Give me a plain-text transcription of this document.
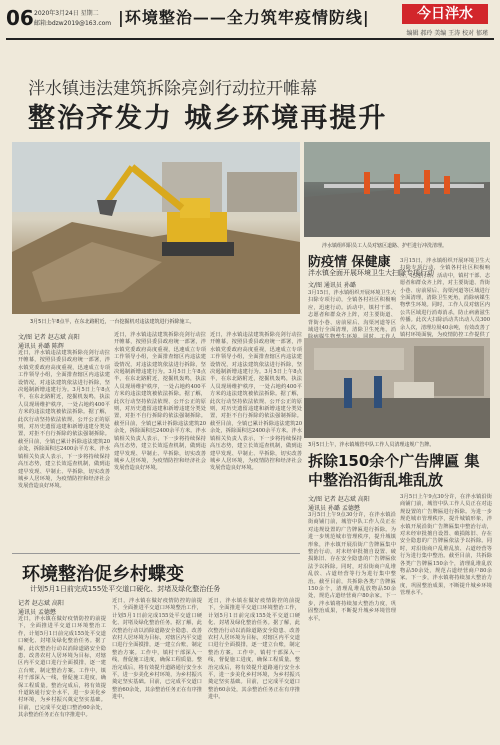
06 2020年3月24日 星期二
邮箱:bdzw2019@163.com |环境整治——全力筑牢疫情防线|	今日泮水
编辑 郝玲 美编 王涛 校对 郁瑾
泮水镇违法建筑拆除亮剑行动拉开帷幕
整治齐发力 城乡环境再提升
3月5日上午8点半，在东北路附近，一台挖掘机对违法建筑进行拆除施工。
泮水镇组织职员工人员对辖区道路、护栏进行冲洗清理。
文/图 记者 赵志斌 高阳
通讯员 孙璐 陈辉
近日，泮水镇违法建筑拆除亮剑行动拉开帷幕，按照县委县政府统一部署，泮水镇党委政府高度重视，迅速成立专项工作领导小组，全面排查辖区内违法建设情况，对违法建筑依法进行拆除，坚决遏制新增违建行为。3月5日上午8点半，在东北路附近，挖掘机轰鸣，执法人员现场维护秩序，一处占地约400平方米的违法建筑被依法拆除。据了解，此次行动坚持依法依规、公开公正的原则，对历史遗留违建和新增违建分类处置，对拒不自行拆除的依法强制拆除。截至目前，全镇已累计拆除违法建筑20余处，拆除面积达2400余平方米。泮水镇相关负责人表示，下一步将持续保持高压态势，建立长效巡查机制，做到违建早发现、早制止、早拆除，切实改善城乡人居环境，为疫情防控和经济社会发展营造良好环境。
近日，泮水镇违法建筑拆除亮剑行动拉开帷幕，按照县委县政府统一部署，泮水镇党委政府高度重视，迅速成立专项工作领导小组，全面排查辖区内违法建设情况，对违法建筑依法进行拆除，坚决遏制新增违建行为。3月5日上午8点半，在东北路附近，挖掘机轰鸣，执法人员现场维护秩序，一处占地约400平方米的违法建筑被依法拆除。据了解，此次行动坚持依法依规、公开公正的原则，对历史遗留违建和新增违建分类处置，对拒不自行拆除的依法强制拆除。截至目前，全镇已累计拆除违法建筑20余处，拆除面积达2400余平方米。泮水镇相关负责人表示，下一步将持续保持高压态势，建立长效巡查机制，做到违建早发现、早制止、早拆除，切实改善城乡人居环境，为疫情防控和经济社会发展营造良好环境。
近日，泮水镇违法建筑拆除亮剑行动拉开帷幕，按照县委县政府统一部署，泮水镇党委政府高度重视，迅速成立专项工作领导小组，全面排查辖区内违法建设情况，对违法建筑依法进行拆除，坚决遏制新增违建行为。3月5日上午8点半，在东北路附近，挖掘机轰鸣，执法人员现场维护秩序，一处占地约400平方米的违法建筑被依法拆除。据了解，此次行动坚持依法依规、公开公正的原则，对历史遗留违建和新增违建分类处置，对拒不自行拆除的依法强制拆除。截至目前，全镇已累计拆除违法建筑20余处，拆除面积达2400余平方米。泮水镇相关负责人表示，下一步将持续保持高压态势，建立长效巡查机制，做到违建早发现、早制止、早拆除，切实改善城乡人居环境，为疫情防控和经济社会发展营造良好环境。
防疫情 保健康
泮水镇全面开展环境卫生大扫除专项行动
文/图 通讯员 孙璐
3月15日，泮水镇组织开展环境卫生大扫除专项行动，全镇各村社区积极响应，迅速行动。活动中，镇村干部、志愿者和群众齐上阵，对主要街道、背街小巷、房前屋后、沟渠河道等区域进行全面清理，清除卫生死角，消
3月15日，泮水镇组织开展环境卫生大扫除专项行动，全镇各村社区积极响应，迅速行动。活动中，镇村干部、志愿者和群众齐上阵，对主要街道、背街小巷、房前屋后、沟渠河道等区域进行全面清理，清除卫生死角，消除病媒生物孳生环境。同时，工作人员对辖区内公共区域进行消毒消杀，防止病菌滋生传播。此次大扫除活动共出动人员300余人次，清理垃圾40余吨，有效改善了镇村环境面貌，为疫情防控工作提供了
3月5日上午，泮水镇城管中队工作人员清理违规广告牌。
拆除150余个广告牌匾 集中整治沿街乱堆乱放
文/图 记者 赵志斌 高阳
通讯员 孙璐 孟德懋
3月5日上午9点30分许，在泮水镇沿街商铺门前，城管中队工作人员正在对违规设置的广告牌匾进行拆除。为进一步规范城市管理秩序，提升城镇形象，泮水镇开展沿街广告牌匾集中整治行动，对未经审批擅自设置、破损陈旧、存在安全隐患的广告牌匾依法予以拆除。同时，对沿街商户乱堆乱放、占道经营等行为进行集中整治。截至目前，共拆除各类广告牌匾150余个，清理乱堆乱放物品50余处，规范占道经营商户80余家。下一步，泮水镇将持续加大整治力度，巩固整治成果，不断提升城乡环境管理水平。
3月5日上午9点30分许，在泮水镇沿街商铺门前，城管中队工作人员正在对违规设置的广告牌匾进行拆除。为进一步规范城市管理秩序，提升城镇形象，泮水镇开展沿街广告牌匾集中整治行动，对未经审批擅自设置、破损陈旧、存在安全隐患的广告牌匾依法予以拆除。同时，对沿街商户乱堆乱放、占道经营等行为进行集中整治。截至目前，共拆除各类广告牌匾150余个，清理乱堆乱放物品50余处，规范占道经营商户80余家。下一步，泮水镇将持续加大整治力度，巩固整治成果，不断提升城乡环境管理水平。
环境整治促乡村蝶变
计划5月1日前完成155处平交道口硬化、封堵及绿化整治任务
记者 赵志斌 高阳
通讯员 孟德懋
近日，泮水镇在做好疫情防控的前提下，全面推进平交道口环境整治工作，计划5月1日前完成155处平交道口硬化、封堵及绿化整治任务。据了解，此次整治行动以消除道路安全隐患、改善农村人居环境为目标，对辖区内平交道口进行全面摸排，逐一建立台账，制定整治方案。工作中，镇村干部深入一线，督促施工进度，确保工程质量。整治完成后，将有效提升道路通行安全水平，进一步美化乡村环境，为乡村振兴奠定坚实基础。目前，已完成平交道口整治60余处，其余整治任务正在有序推进中。
近日，泮水镇在做好疫情防控的前提下，全面推进平交道口环境整治工作，计划5月1日前完成155处平交道口硬化、封堵及绿化整治任务。据了解，此次整治行动以消除道路安全隐患、改善农村人居环境为目标，对辖区内平交道口进行全面摸排，逐一建立台账，制定整治方案。工作中，镇村干部深入一线，督促施工进度，确保工程质量。整治完成后，将有效提升道路通行安全水平，进一步美化乡村环境，为乡村振兴奠定坚实基础。目前，已完成平交道口整治60余处，其余整治任务正在有序推进中。
近日，泮水镇在做好疫情防控的前提下，全面推进平交道口环境整治工作，计划5月1日前完成155处平交道口硬化、封堵及绿化整治任务。据了解，此次整治行动以消除道路安全隐患、改善农村人居环境为目标，对辖区内平交道口进行全面摸排，逐一建立台账，制定整治方案。工作中，镇村干部深入一线，督促施工进度，确保工程质量。整治完成后，将有效提升道路通行安全水平，进一步美化乡村环境，为乡村振兴奠定坚实基础。目前，已完成平交道口整治60余处，其余整治任务正在有序推进中。
